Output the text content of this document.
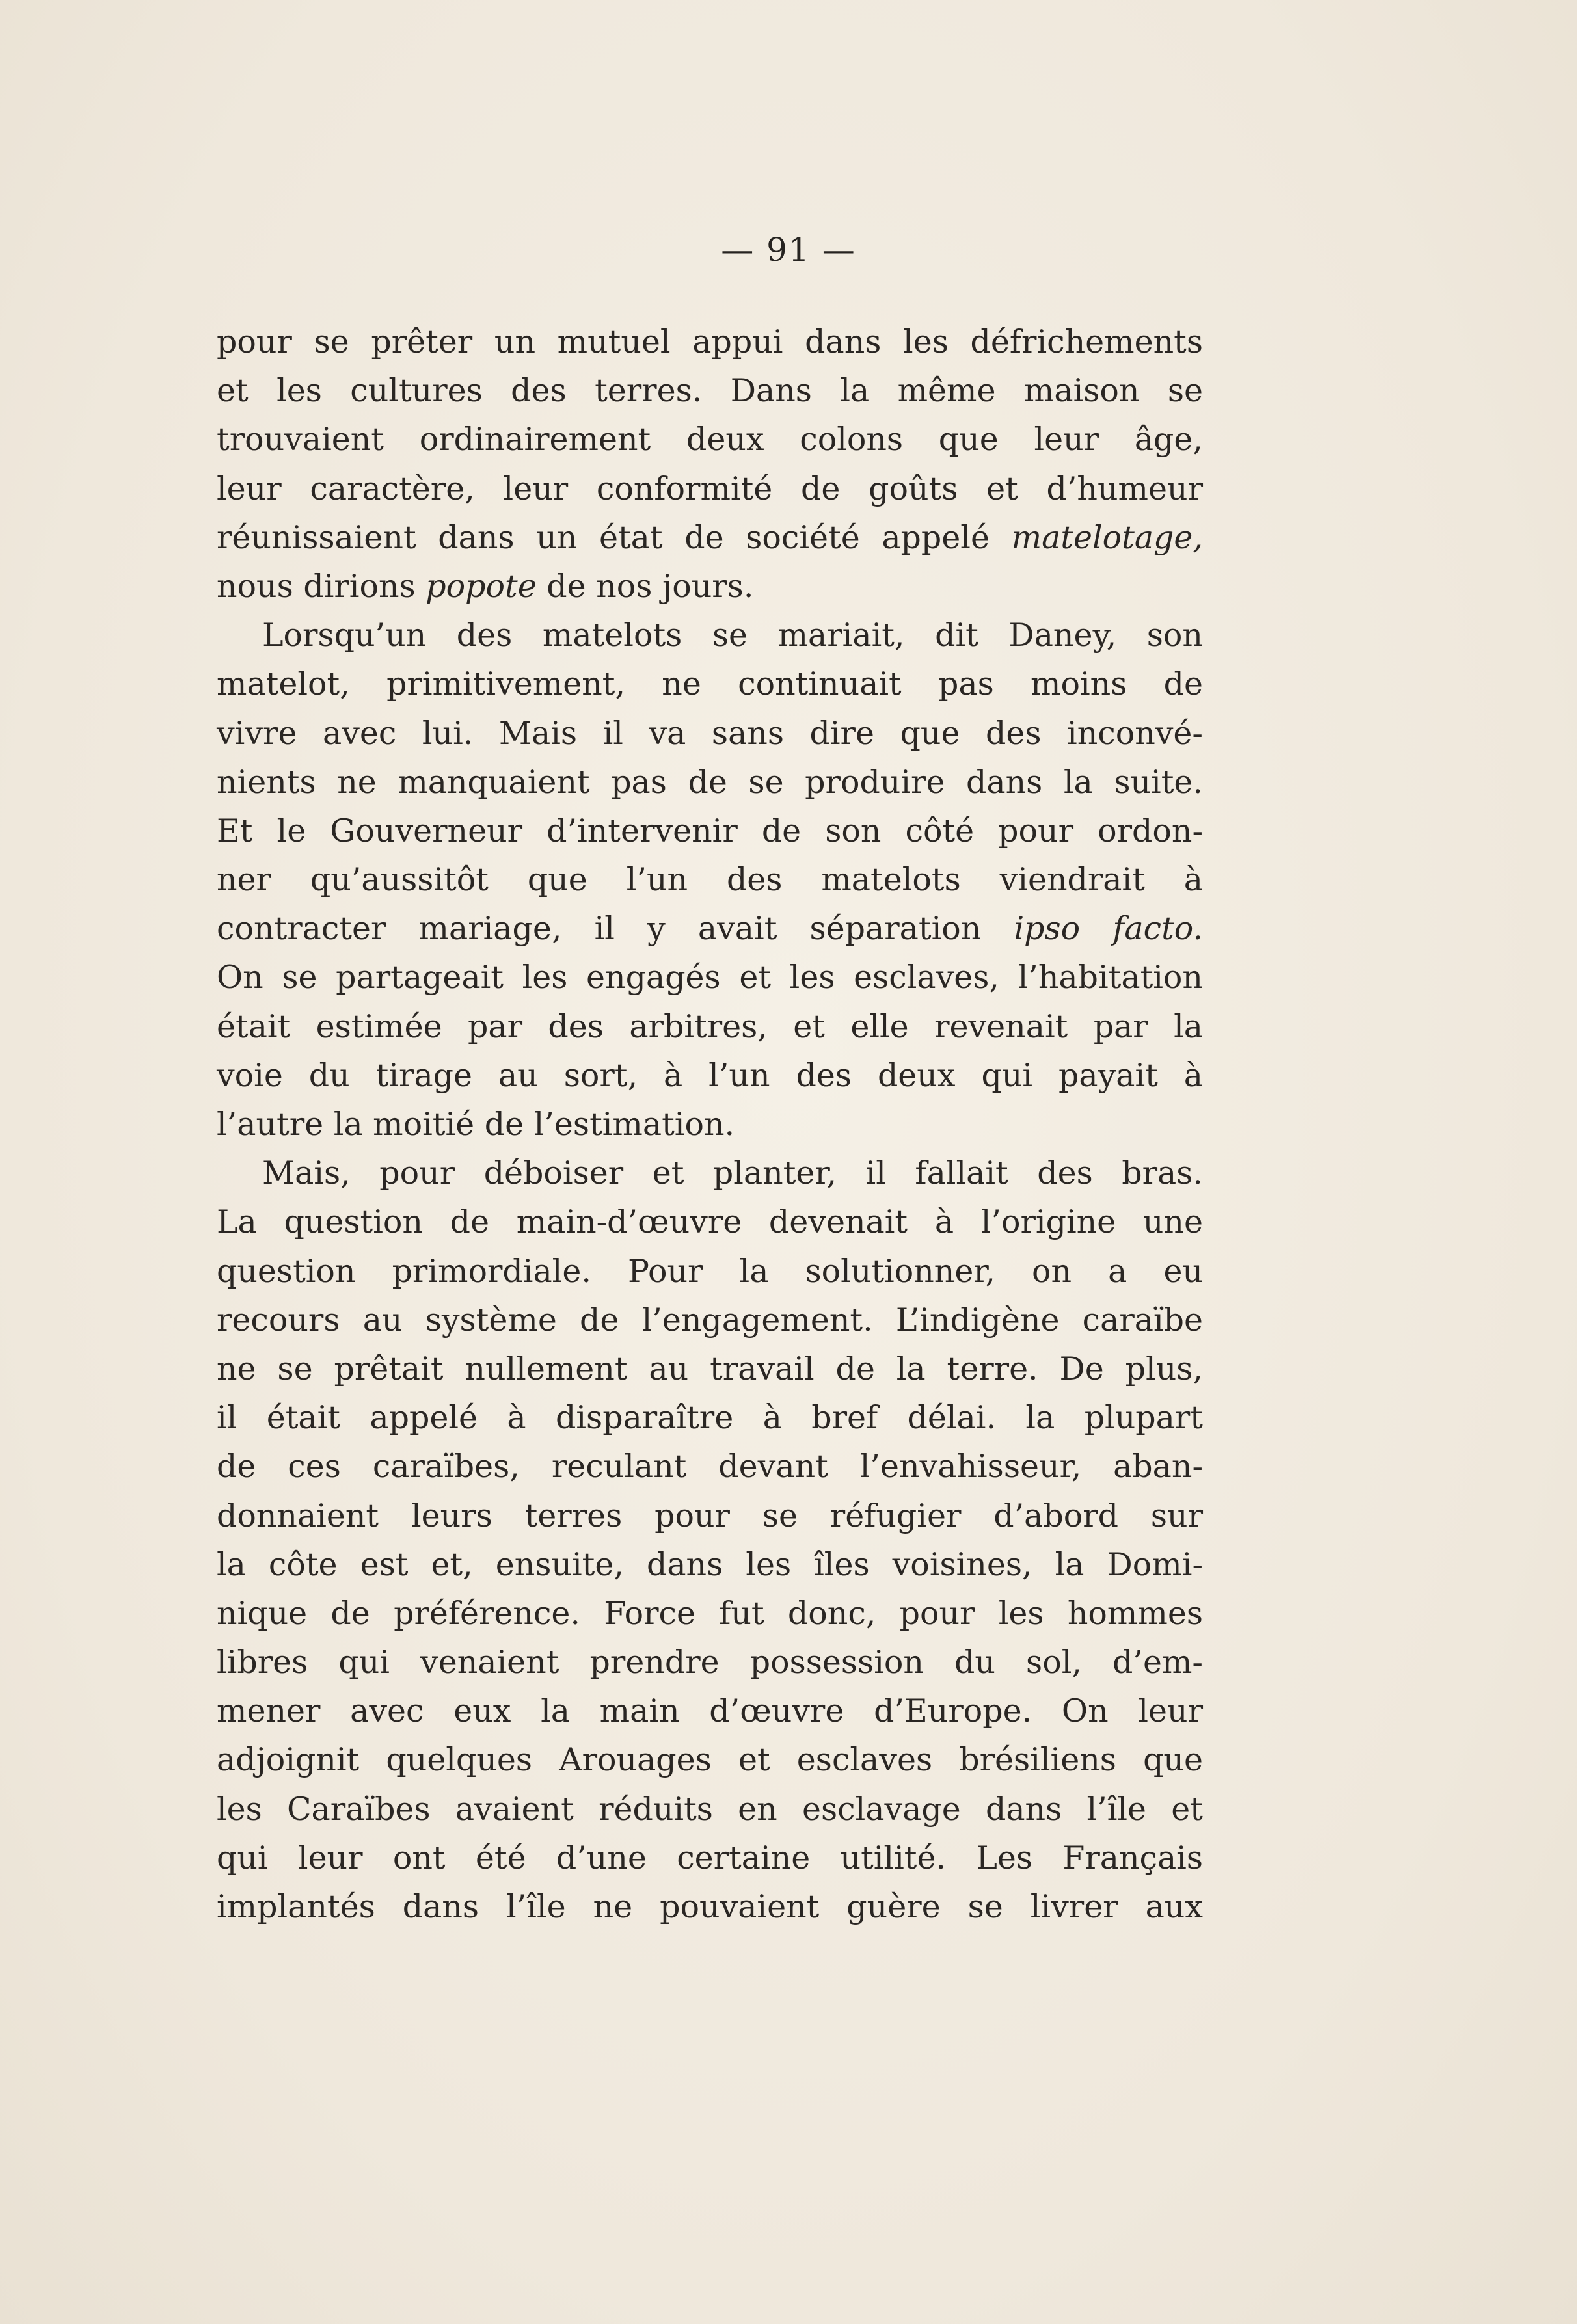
— 91 —
pour se prêter un mutuel appui dans les défrichements
et les cultures des terres. Dans la même maison se
trouvaient ordinairement deux colons que leur âge,
leur caractère, leur conformité de goûts et d’humeur
réunissaient dans un état de société appelé matelotage,
nous dirions popote de nos jours.
Lorsqu’un des matelots se mariait, dit Daney, son
matelot, primitivement, ne continuait pas moins de
vivre avec lui. Mais il va sans dire que des inconvé-
nients ne manquaient pas de se produire dans la suite.
Et le Gouverneur d’intervenir de son côté pour ordon-
ner qu’aussitôt que l’un des matelots viendrait à
contracter mariage, il y avait séparation ipso facto.
On se partageait les engagés et les esclaves, l’habitation
était estimée par des arbitres, et elle revenait par la
voie du tirage au sort, à l’un des deux qui payait à
l’autre la moitié de l’estimation.
Mais, pour déboiser et planter, il fallait des bras.
La question de main-d’œuvre devenait à l’origine une
question primordiale. Pour la solutionner, on a eu
recours au système de l’engagement. L’indigène caraïbe
ne se prêtait nullement au travail de la terre. De plus,
il était appelé à disparaître à bref délai. la plupart
de ces caraïbes, reculant devant l’envahisseur, aban-
donnaient leurs terres pour se réfugier d’abord sur
la côte est et, ensuite, dans les îles voisines, la Domi-
nique de préférence. Force fut donc, pour les hommes
libres qui venaient prendre possession du sol, d’em-
mener avec eux la main d’œuvre d’Europe. On leur
adjoignit quelques Arouages et esclaves brésiliens que
les Caraïbes avaient réduits en esclavage dans l’île et
qui leur ont été d’une certaine utilité. Les Français
implantés dans l’île ne pouvaient guère se livrer aux
